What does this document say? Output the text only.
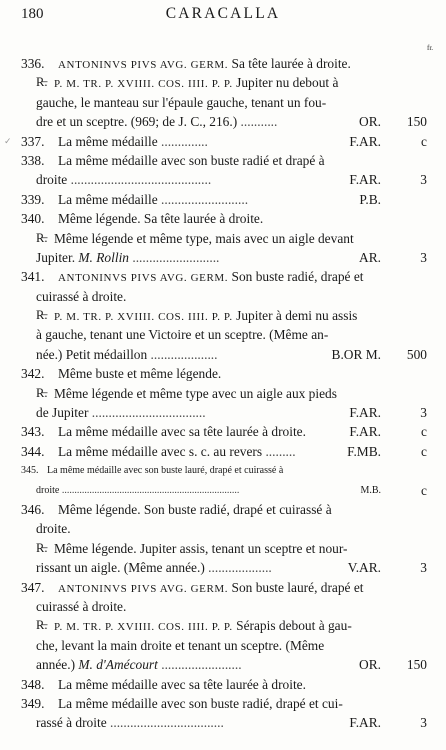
180	CARACALLA
fr.
336. ANTONINVS PIVS AVG. GERM. Sa tête laurée à droite.
R̶. P. M. TR. P. XVIIII. COS. IIII. P. P. Jupiter nu debout à
gauche, le manteau sur l'épaule gauche, tenant un fou-
dre et un sceptre. (969; de J. C., 216.) ...........	OR. 150
✓ 337. La même médaille ..............	F.AR.	c
338. La même médaille avec son buste radié et drapé à
droite ..........................................	F.AR.	3
339. La même médaille ..........................	P.B.
340. Même légende. Sa tête laurée à droite.
R̶. Même légende et même type, mais avec un aigle devant
Jupiter. M. Rollin ..........................	AR.	3
341. ANTONINVS PIVS AVG. GERM. Son buste radié, drapé et
cuirassé à droite.
R̶. P. M. TR. P. XVIIII. COS. IIII. P. P. Jupiter à demi nu assis
à gauche, tenant une Victoire et un sceptre. (Même an-
née.) Petit médaillon ....................	B.OR M. 500
342. Même buste et même légende.
R̶. Même légende et même type avec un aigle aux pieds
de Jupiter ..................................	F.AR.	3
343. La même médaille avec sa tête laurée à droite.	F.AR.	c
344. La même médaille avec s. c. au revers .........	F.MB.	c
345. La même médaille avec son buste lauré, drapé et cuirassé à
droite .......................................................................	M.B.	c
346. Même légende. Son buste radié, drapé et cuirassé à
droite.
R̶. Même légende. Jupiter assis, tenant un sceptre et nour-
rissant un aigle. (Même année.) ...................	V.AR.	3
347. ANTONINVS PIVS AVG. GERM. Son buste lauré, drapé et
cuirassé à droite.
R̶. P. M. TR. P. XVIIII. COS. IIII. P. P. Sérapis debout à gau-
che, levant la main droite et tenant un sceptre. (Même
année.) M. d'Amécourt ........................	OR. 150
348. La même médaille avec sa tête laurée à droite.
349. La même médaille avec son buste radié, drapé et cui-
rassé à droite ..................................	F.AR.	3
